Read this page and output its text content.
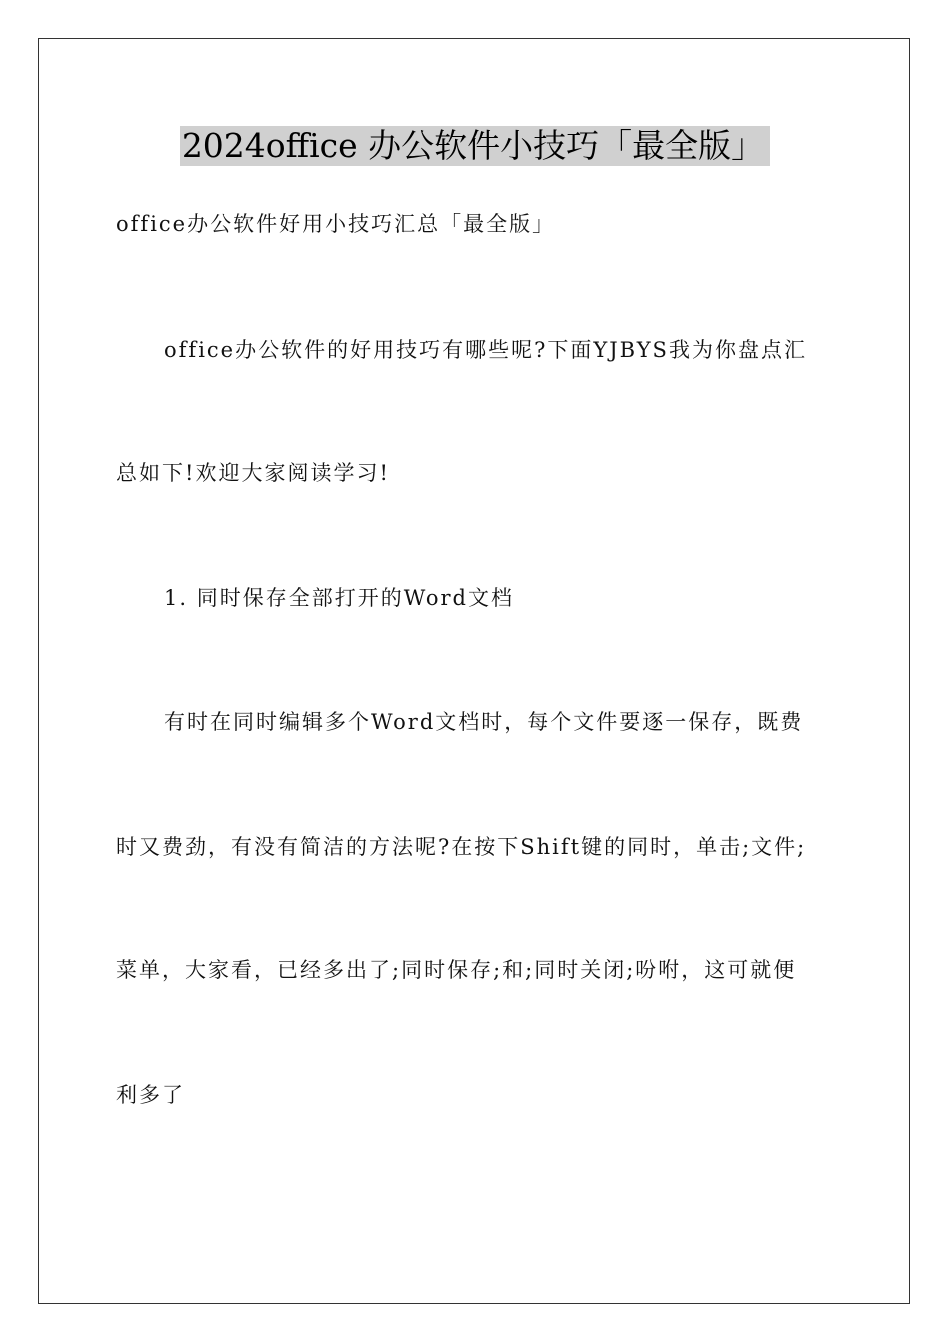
2024office 办公软件小技巧「最全版」
office办公软件好用小技巧汇总「最全版」
office办公软件的好用技巧有哪些呢?下面YJBYS我为你盘点汇
总如下!欢迎大家阅读学习!
1. 同时保存全部打开的Word文档
有时在同时编辑多个Word文档时，每个文件要逐一保存，既费
时又费劲，有没有简洁的方法呢?在按下Shift键的同时，单击;文件;
菜单，大家看，已经多出了;同时保存;和;同时关闭;吩咐，这可就便
利多了
